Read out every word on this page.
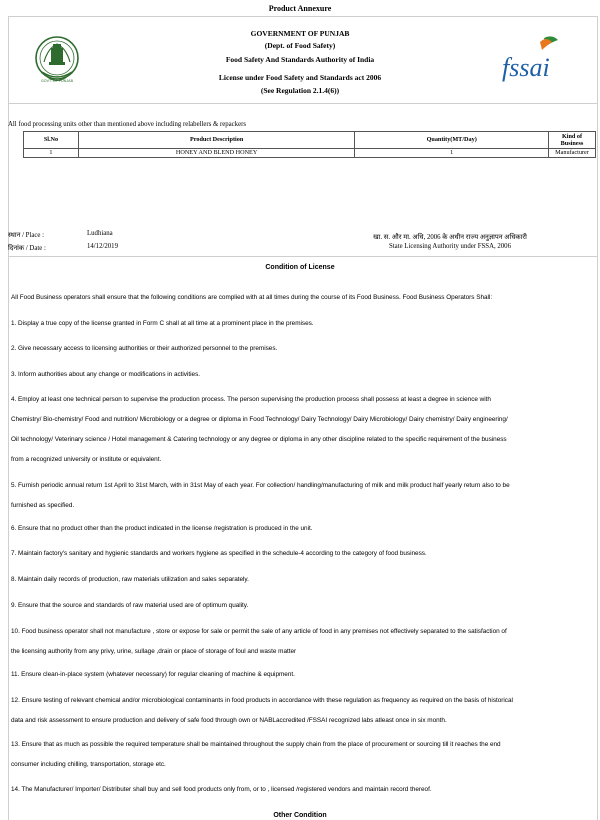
Product Annexure
GOVT. OF PUNJAB
GOVERNMENT OF PUNJAB
(Dept. of Food Safety)
Food Safety And Standards Authority of India
License under Food Safety and Standards act 2006
(See Regulation 2.1.4(6))
fssai
All food processing units other than mentioned above including relabellers & repackers
Sl.No	Product Description	Quantity(MT/Day)	Kind of Business
1	HONEY AND BLEND HONEY	1	Manufacturer
स्थान / Place :	Ludhiana
दिनांक / Date :	14/12/2019
खा. स. और मा. अधि, 2006 के अधीन राज्य अनुज्ञापन अधिकारी
State Licensing Authority under FSSA, 2006
Condition of License
All Food Business operators shall ensure that the following conditions are complied with at all times during the course of its Food Business. Food Business Operators Shall:
1. Display a true copy of the license granted in Form C shall at all time at a prominent place in the premises.
2. Give necessary access to licensing authorities or their authorized personnel to the premises.
3. Inform authorities about any change or modifications in activities.
4. Employ at least one technical person to supervise the production process. The person supervising the production process shall possess at least a degree in science with
Chemistry/ Bio-chemistry/ Food and nutrition/ Microbiology or a degree or diploma in Food Technology/ Dairy Technology/ Dairy Microbiology/ Dairy chemistry/ Dairy engineering/
Oil technology/ Veterinary science / Hotel management & Catering technology or any degree or diploma in any other discipline related to the specific requirement of the business
from a recognized university or institute or equivalent.
5. Furnish periodic annual return 1st April to 31st March, with in 31st May of each year. For collection/ handling/manufacturing of milk and milk product half yearly return also to be
furnished as specified.
6. Ensure that no product other than the product indicated in the license /registration is produced in the unit.
7. Maintain factory's sanitary and hygienic standards and workers hygiene as specified in the schedule-4 according to the category of food business.
8. Maintain daily records of production, raw materials utilization and sales separately.
9. Ensure that the source and standards of raw material used are of optimum quality.
10. Food business operator shall not manufacture , store or expose for sale or permit the sale of any article of food in any premises not effectively separated to the satisfaction of
the licensing authority from any privy, urine, sullage ,drain or place of storage of foul and waste matter
11. Ensure clean-in-place system (whatever necessary) for regular cleaning of machine & equipment.
12. Ensure testing of relevant chemical and/or microbiological contaminants in food products in accordance with these regulation as frequency as required on the basis of historical
data and risk assessment to ensure production and delivery of safe food through own or NABLaccredited /FSSAI recognized labs atleast once in six month.
13. Ensure that as much as possible the required temperature shall be maintained throughout the supply chain from the place of procurement or sourcing till it reaches the end
consumer including chilling, transportation, storage etc.
14. The Manufacturer/ Importer/ Distributer shall buy and sell food products only from, or to , licensed /registered vendors and maintain record thereof.
Other Condition
